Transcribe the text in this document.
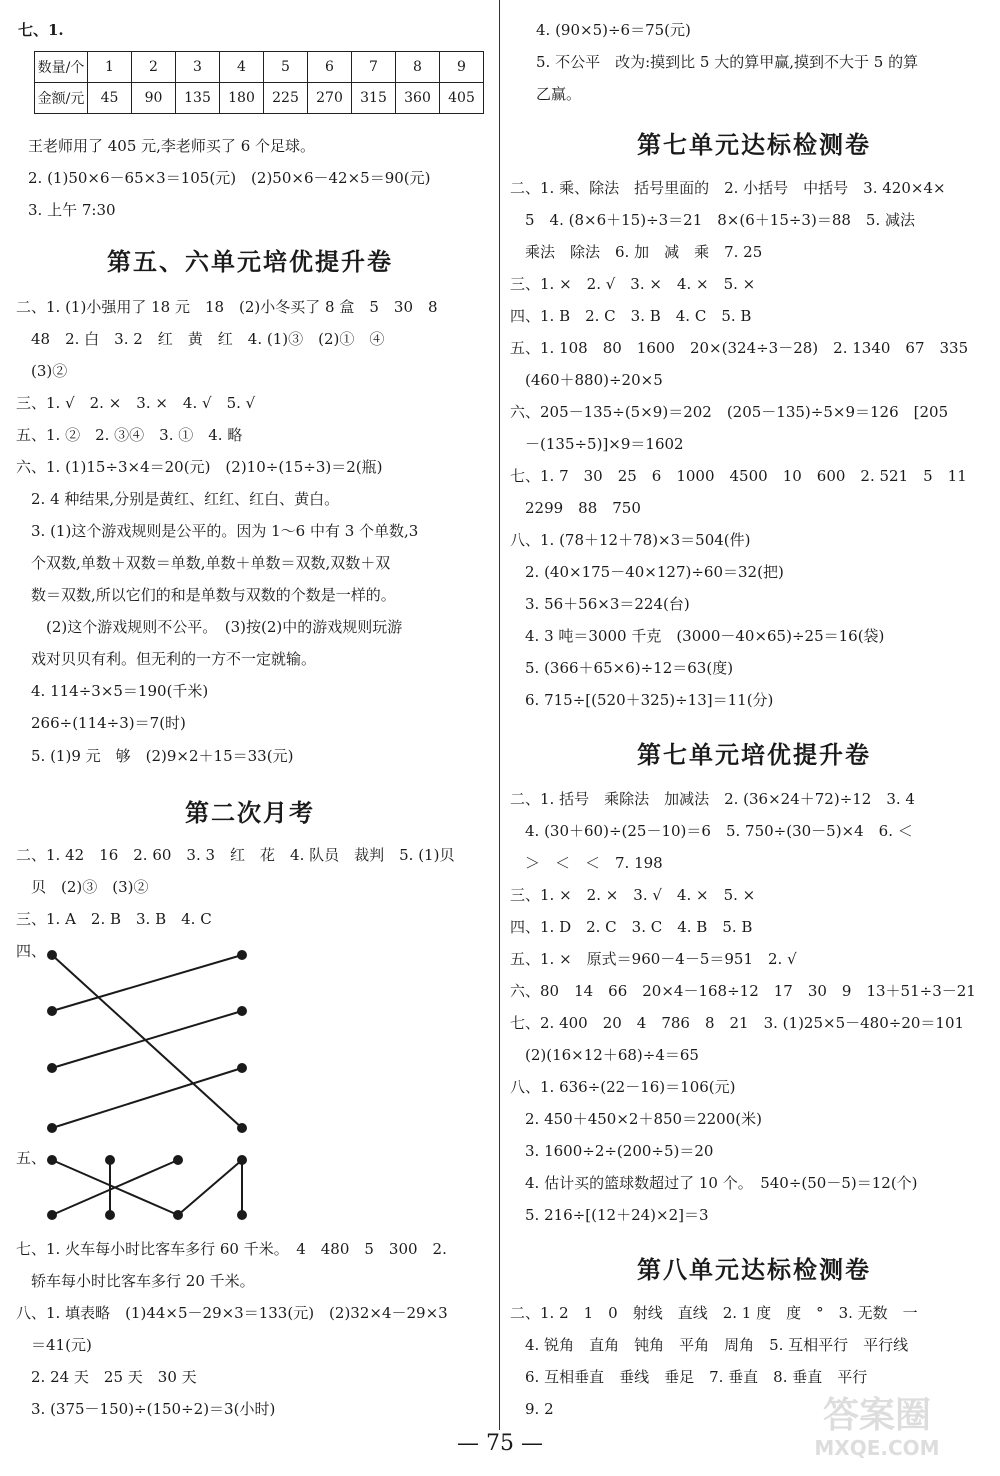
七、1.
数量/个	1	2	3	4	5	6	7	8	9
金额/元	45	90	135	180	225	270	315	360	405
王老师用了 405 元,李老师买了 6 个足球。
2. (1)50×6－65×3＝105(元)　(2)50×6－42×5＝90(元)
3. 上午 7:30
第五、六单元培优提升卷
二、1. (1)小强用了 18 元　18　(2)小冬买了 8 盒　5　30　8
　48　2. 白　3. 2　红　黄　红　4. (1)③　(2)①　④
　(3)②
三、1. √　2. ×　3. ×　4. √　5. √
五、1. ②　2. ③④　3. ①　4. 略
六、1. (1)15÷3×4＝20(元)　(2)10÷(15÷3)＝2(瓶)
　2. 4 种结果,分别是黄红、红红、红白、黄白。
　3. (1)这个游戏规则是公平的。因为 1～6 中有 3 个单数,3
　个双数,单数＋双数＝单数,单数＋单数＝双数,双数＋双
　数＝双数,所以它们的和是单数与双数的个数是一样的。
　　(2)这个游戏规则不公平。　(3)按(2)中的游戏规则玩游
　戏对贝贝有利。但无利的一方不一定就输。
　4. 114÷3×5＝190(千米)
　266÷(114÷3)＝7(时)
　5. (1)9 元　够　(2)9×2＋15＝33(元)
第二次月考
二、1. 42　16　2. 60　3. 3　红　花　4. 队员　裁判　5. (1)贝
　贝　(2)③　(3)②
三、1. A　2. B　3. B　4. C
四、
五、
七、1. 火车每小时比客车多行 60 千米。　4　480　5　300　2.
　轿车每小时比客车多行 20 千米。
八、1. 填表略　(1)44×5－29×3＝133(元)　(2)32×4－29×3
　＝41(元)
　2. 24 天　25 天　30 天
　3. (375－150)÷(150÷2)＝3(小时)
4. (90×5)÷6＝75(元)
5. 不公平　改为:摸到比 5 大的算甲赢,摸到不大于 5 的算
乙赢。
第七单元达标检测卷
二、1. 乘、除法　括号里面的　2. 小括号　中括号　3. 420×4×
　5　4. (8×6＋15)÷3＝21　8×(6＋15÷3)＝88　5. 减法
　乘法　除法　6. 加　减　乘　7. 25
三、1. ×　2. √　3. ×　4. ×　5. ×
四、1. B　2. C　3. B　4. C　5. B
五、1. 108　80　1600　20×(324÷3－28)　2. 1340　67　335
　(460＋880)÷20×5
六、205－135÷(5×9)＝202　(205－135)÷5×9＝126　[205
　－(135÷5)]×9＝1602
七、1. 7　30　25　6　1000　4500　10　600　2. 521　5　11
　2299　88　750
八、1. (78＋12＋78)×3＝504(件)
　2. (40×175－40×127)÷60＝32(把)
　3. 56＋56×3＝224(台)
　4. 3 吨＝3000 千克　(3000－40×65)÷25＝16(袋)
　5. (366＋65×6)÷12＝63(度)
　6. 715÷[(520＋325)÷13]＝11(分)
第七单元培优提升卷
二、1. 括号　乘除法　加减法　2. (36×24＋72)÷12　3. 4
　4. (30＋60)÷(25－10)＝6　5. 750÷(30－5)×4　6. ＜
　＞　＜　＜　7. 198
三、1. ×　2. ×　3. √　4. ×　5. ×
四、1. D　2. C　3. C　4. B　5. B
五、1. ×　原式＝960－4－5＝951　2. √
六、80　14　66　20×4－168÷12　17　30　9　13＋51÷3－21
七、2. 400　20　4　786　8　21　3. (1)25×5－480÷20＝101
　(2)(16×12＋68)÷4＝65
八、1. 636÷(22－16)＝106(元)
　2. 450＋450×2＋850＝2200(米)
　3. 1600÷2÷(200÷5)＝20
　4. 估计买的篮球数超过了 10 个。　540÷(50－5)＝12(个)
　5. 216÷[(12＋24)×2]＝3
第八单元达标检测卷
二、1. 2　1　0　射线　直线　2. 1 度　度　°　3. 无数　一
　4. 锐角　直角　钝角　平角　周角　5. 互相平行　平行线
　6. 互相垂直　垂线　垂足　7. 垂直　8. 垂直　平行
　9. 2
— 75 —
答案圈
MXQE.COM
